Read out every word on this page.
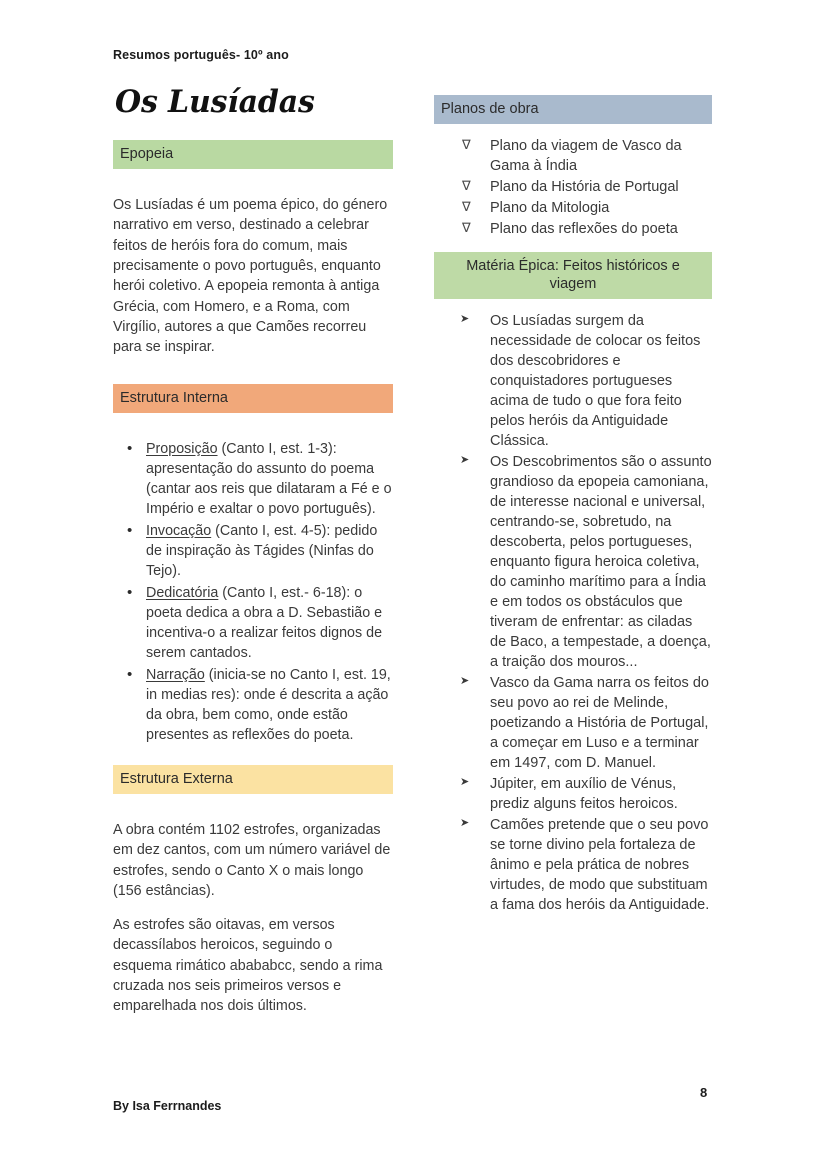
Resumos português- 10º ano
Os Lusíadas
Epopeia

Os Lusíadas é um poema épico, do género narrativo em verso, destinado a celebrar feitos de heróis fora do comum, mais precisamente o povo português, enquanto herói coletivo. A epopeia remonta à antiga Grécia, com Homero, e a Roma, com Virgílio, autores a que Camões recorreu para se inspirar.

Estrutura Interna
• Proposição (Canto I, est. 1-3): apresentação do assunto do poema (cantar aos reis que dilataram a Fé e o Império e exaltar o povo português).
• Invocação (Canto I, est. 4-5): pedido de inspiração às Tágides (Ninfas do Tejo).
• Dedicatória (Canto I, est.- 6-18): o poeta dedica a obra a D. Sebastião e incentiva-o a realizar feitos dignos de serem cantados.
• Narração (inicia-se no Canto I, est. 19, in medias res): onde é descrita a ação da obra, bem como, onde estão presentes as reflexões do poeta.
Estrutura Externa

A obra contém 1102 estrofes, organizadas em dez cantos, com um número variável de estrofes, sendo o Canto X o mais longo (156 estâncias).

As estrofes são oitavas, em versos decassílabos heroicos, seguindo o esquema rimático abababcc, sendo a rima cruzada nos seis primeiros versos e emparelhada nos dois últimos.

Planos de obra
∇ Plano da viagem de Vasco da Gama à Índia
∇ Plano da História de Portugal
∇ Plano da Mitologia
∇ Plano das reflexões do poeta
Matéria Épica: Feitos históricos e viagem
➤ Os Lusíadas surgem da necessidade de colocar os feitos dos descobridores e conquistadores portugueses acima de tudo o que fora feito pelos heróis da Antiguidade Clássica.
➤ Os Descobrimentos são o assunto grandioso da epopeia camoniana, de interesse nacional e universal, centrando-se, sobretudo, na descoberta, pelos portugueses, enquanto figura heroica coletiva, do caminho marítimo para a Índia e em todos os obstáculos que tiveram de enfrentar: as ciladas de Baco, a tempestade, a doença, a traição dos mouros...
➤ Vasco da Gama narra os feitos do seu povo ao rei de Melinde, poetizando a História de Portugal, a começar em Luso e a terminar em 1497, com D. Manuel.
➤ Júpiter, em auxílio de Vénus, prediz alguns feitos heroicos.
➤ Camões pretende que o seu povo se torne divino pela fortaleza de ânimo e pela prática de nobres virtudes, de modo que substituam a fama dos heróis da Antiguidade.
8
By Isa Ferrnandes
